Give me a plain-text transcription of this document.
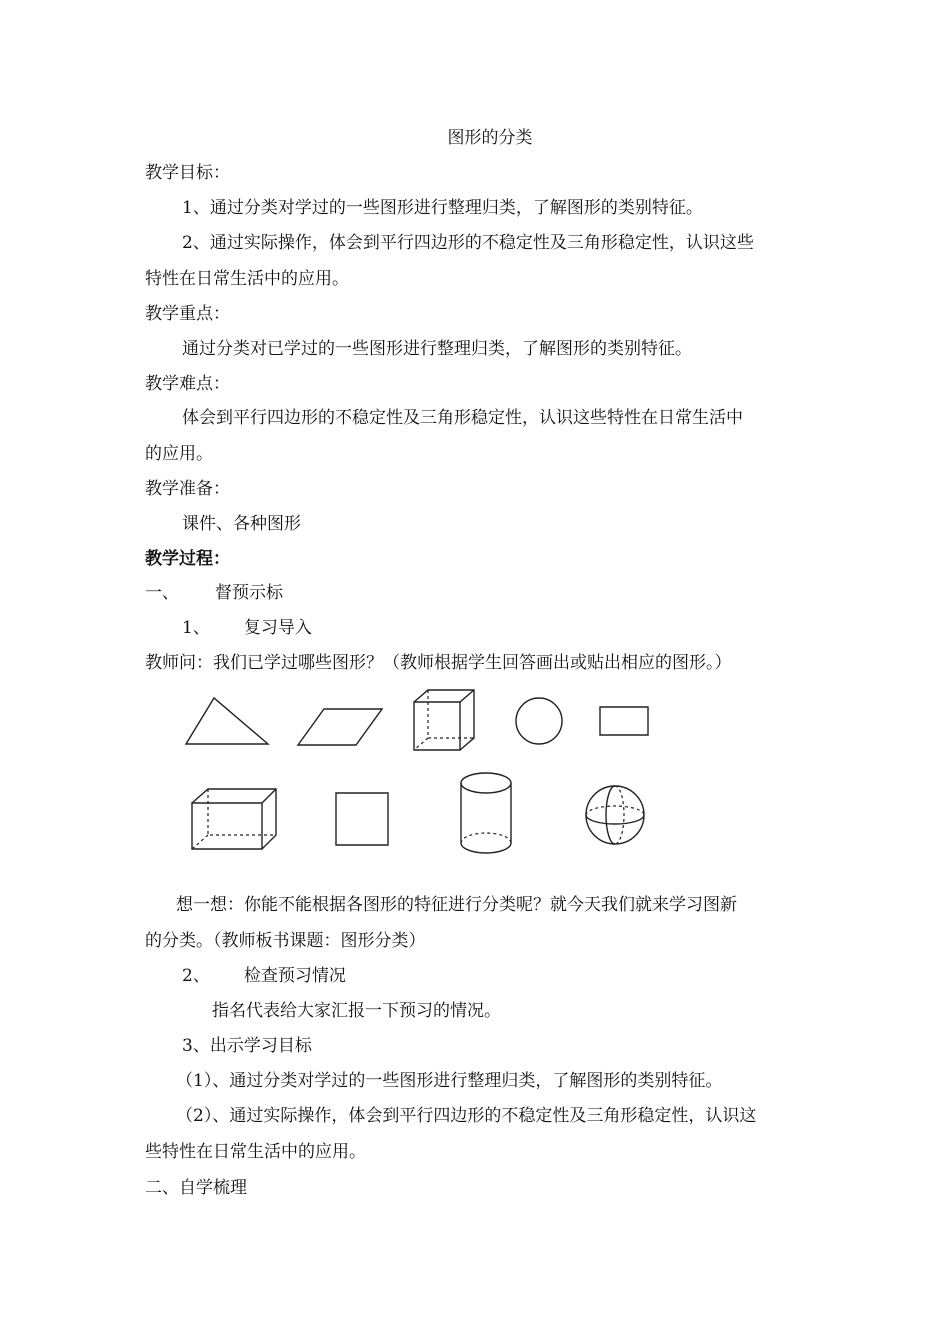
图形的分类
教学目标：
1、通过分类对学过的一些图形进行整理归类，了解图形的类别特征。
2、通过实际操作，体会到平行四边形的不稳定性及三角形稳定性，认识这些
特性在日常生活中的应用。
教学重点：
通过分类对已学过的一些图形进行整理归类，了解图形的类别特征。
教学难点：
体会到平行四边形的不稳定性及三角形稳定性，认识这些特性在日常生活中
的应用。
教学准备：
课件、各种图形
教学过程：
一、 督预示标
1、 复习导入
教师问：我们已学过哪些图形？（教师根据学生回答画出或贴出相应的图形。）
想一想：你能不能根据各图形的特征进行分类呢？就今天我们就来学习图新
的分类。（教师板书课题：图形分类）
2、 检查预习情况
指名代表给大家汇报一下预习的情况。
3、出示学习目标
（1）、通过分类对学过的一些图形进行整理归类，了解图形的类别特征。
（2）、通过实际操作，体会到平行四边形的不稳定性及三角形稳定性，认识这
些特性在日常生活中的应用。
二、自学梳理
